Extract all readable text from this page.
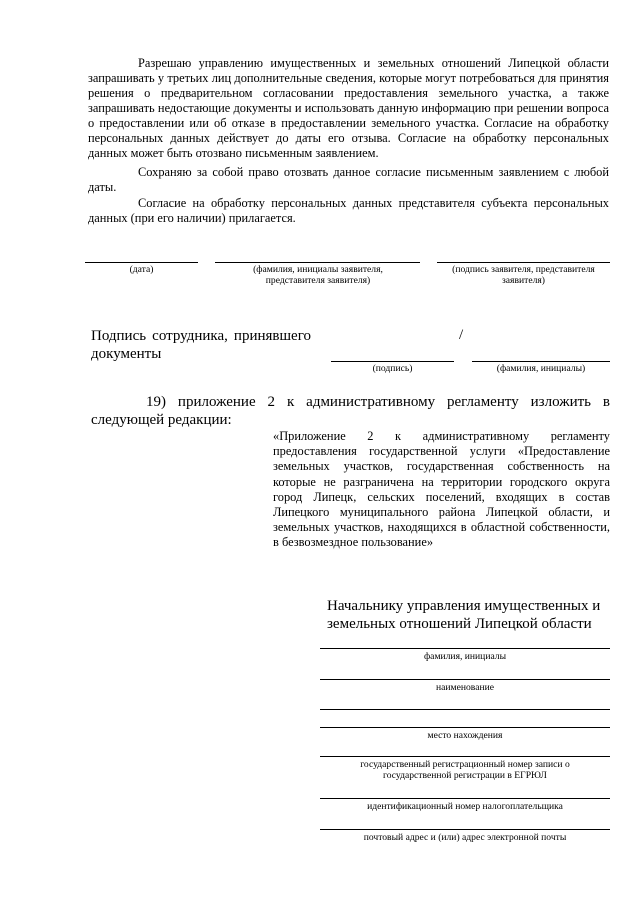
Разрешаю управлению имущественных и земельных отношений Липецкой области запрашивать у третьих лиц дополнительные сведения, которые могут потребоваться для принятия решения о предварительном согласовании предоставления земельного участка, а также запрашивать недостающие документы и использовать данную информацию при решении вопроса о предоставлении или об отказе в предоставлении земельного участка. Согласие на обработку персональных данных действует до даты его отзыва. Согласие на обработку персональных данных может быть отозвано письменным заявлением.
Сохраняю за собой право отозвать данное согласие письменным заявлением с любой даты.
Согласие на обработку персональных данных представителя субъекта персональных данных (при его наличии) прилагается.
(дата)	(фамилия, инициалы заявителя, представителя заявителя)
(подпись заявителя, представителя заявителя)
Подпись сотрудника, принявшего документы
/
(подпись)	(фамилия, инициалы)
19) приложение 2 к административному регламенту изложить в следующей редакции:
«Приложение 2 к административному регламенту предоставления государственной услуги «Предоставление земельных участков, государственная собственность на которые не разграничена на территории городского округа город Липецк, сельских поселений, входящих в состав Липецкого муниципального района Липецкой области, и земельных участков, находящихся в областной собственности, в безвозмездное пользование»
Начальнику управления имущественных и земельных отношений Липецкой области
фамилия, инициалы
наименование
место нахождения
государственный регистрационный номер записи о государственной регистрации в ЕГРЮЛ
идентификационный номер налогоплательщика
почтовый адрес и (или) адрес электронной почты
